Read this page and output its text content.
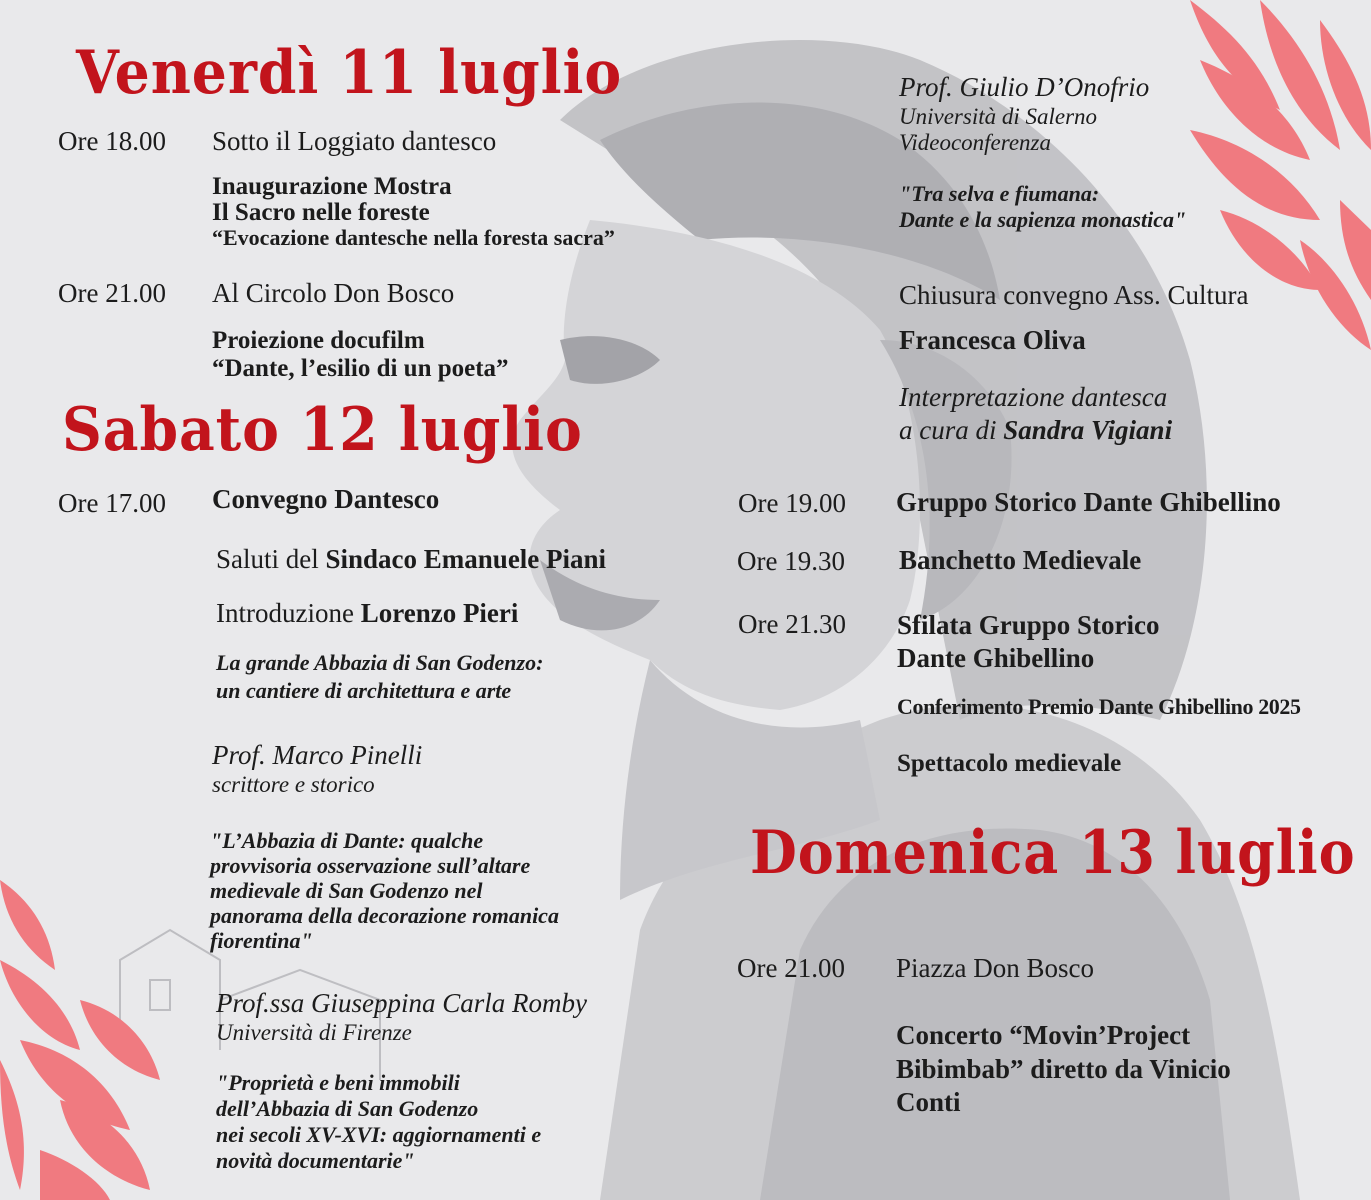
Venerdì 11 luglio
Ore 18.00 Sotto il Loggiato dantesco
Inaugurazione Mostra
Il Sacro nelle foreste
“Evocazione dantesche nella foresta sacra”
Ore 21.00 Al Circolo Don Bosco
Proiezione docufilm
“Dante, l’esilio di un poeta”
Sabato 12 luglio
Ore 17.00 Convegno Dantesco
Saluti del Sindaco Emanuele Piani
Introduzione Lorenzo Pieri
La grande Abbazia di San Godenzo:
un cantiere di architettura e arte
Prof. Marco Pinelli
scrittore e storico
"L’Abbazia di Dante: qualche
provvisoria osservazione sull’altare
medievale di San Godenzo nel
panorama della decorazione romanica
fiorentina"
Prof.ssa Giuseppina Carla Romby
Università di Firenze
"Proprietà e beni immobili
dell’Abbazia di San Godenzo
nei secoli XV-XVI: aggiornamenti e
novità documentarie"
Prof. Giulio D’Onofrio
Università di Salerno
Videoconferenza
"Tra selva e fiumana:
Dante e la sapienza monastica"
Chiusura convegno Ass. Cultura
Francesca Oliva
Interpretazione dantesca
a cura di Sandra Vigiani
Ore 19.00 Gruppo Storico Dante Ghibellino
Ore 19.30 Banchetto Medievale
Ore 21.30 Sfilata Gruppo Storico
Dante Ghibellino
Conferimento Premio Dante Ghibellino 2025
Spettacolo medievale
Domenica 13 luglio
Ore 21.00 Piazza Don Bosco
Concerto “Movin’Project
Bibimbab” diretto da Vinicio
Conti
